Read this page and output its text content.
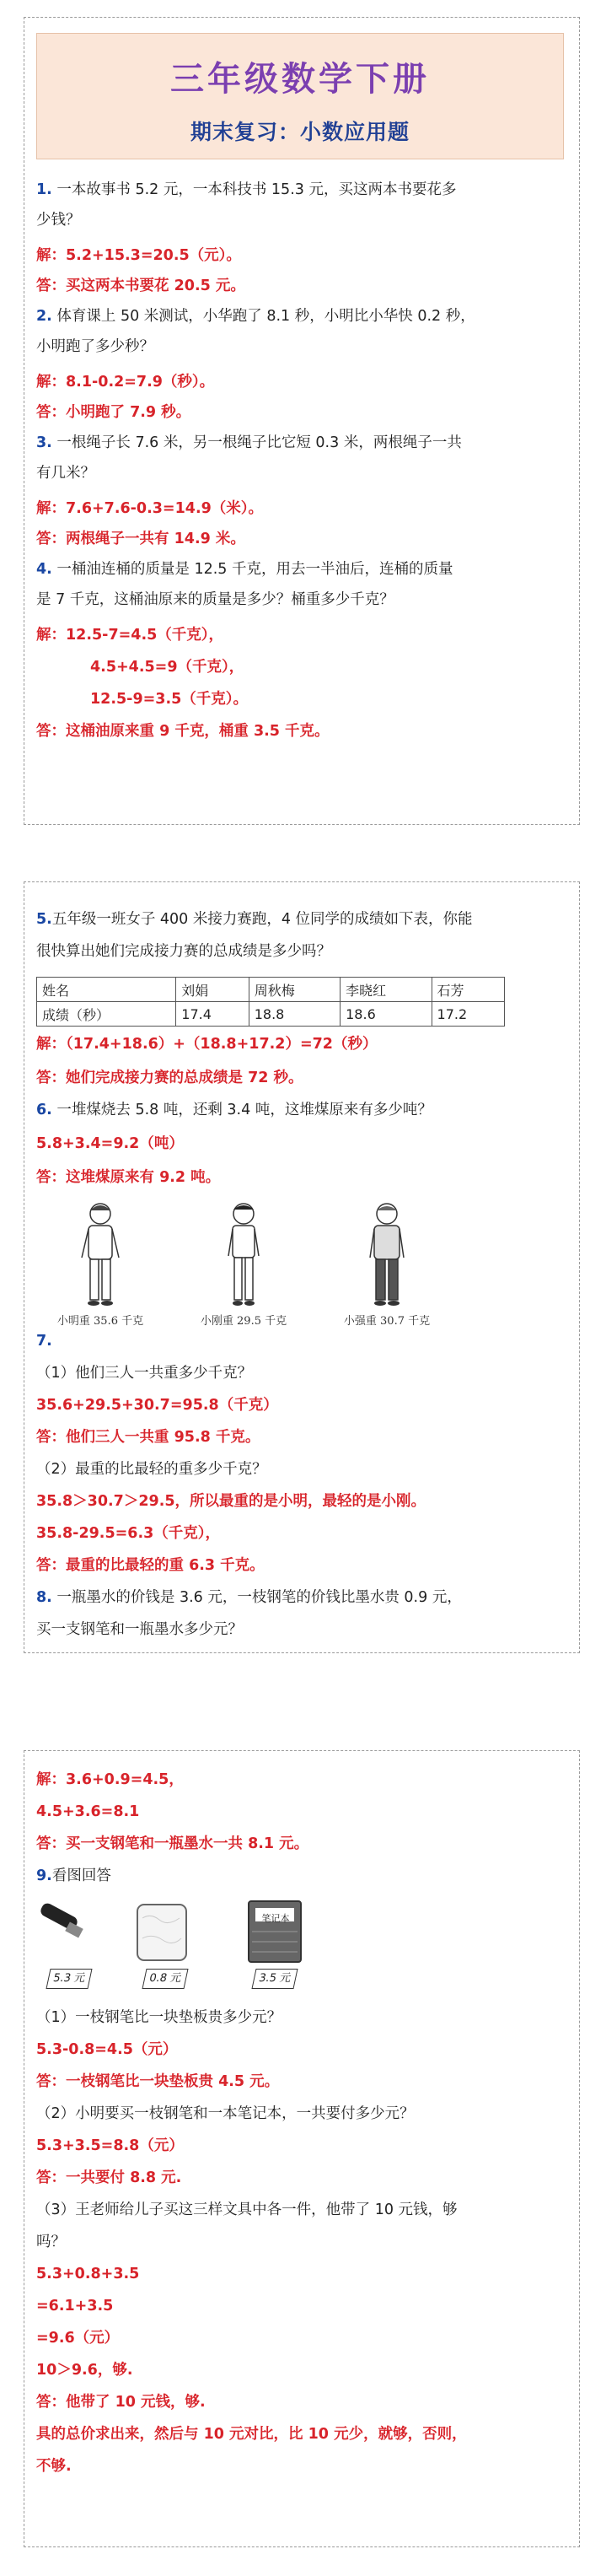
三年级数学下册
期末复习：小数应用题
1. 一本故事书 5.2 元，一本科技书 15.3 元，买这两本书要花多
少钱？
解：5.2+15.3=20.5（元）。
答：买这两本书要花 20.5 元。
2. 体育课上 50 米测试，小华跑了 8.1 秒，小明比小华快 0.2 秒，
小明跑了多少秒？
解：8.1-0.2=7.9（秒）。
答：小明跑了 7.9 秒。
3. 一根绳子长 7.6 米，另一根绳子比它短 0.3 米，两根绳子一共
有几米？
解：7.6+7.6-0.3=14.9（米）。
答：两根绳子一共有 14.9 米。
4. 一桶油连桶的质量是 12.5 千克，用去一半油后，连桶的质量
是 7 千克，这桶油原来的质量是多少？桶重多少千克？
解：12.5-7=4.5（千克），
4.5+4.5=9（千克），
12.5-9=3.5（千克）。
答：这桶油原来重 9 千克，桶重 3.5 千克。
5.五年级一班女子 400 米接力赛跑，4 位同学的成绩如下表，你能
很快算出她们完成接力赛的总成绩是多少吗？
姓名	刘娟	周秋梅	李晓红	石芳
成绩（秒）	17.4	18.8	18.6	17.2
解：（17.4+18.6）+（18.8+17.2）=72（秒）
答：她们完成接力赛的总成绩是 72 秒。
6. 一堆煤烧去 5.8 吨，还剩 3.4 吨，这堆煤原来有多少吨？
5.8+3.4=9.2（吨）
答：这堆煤原来有 9.2 吨。
小明重 35.6 千克	小刚重 29.5 千克	小强重 30.7 千克
7.
（1）他们三人一共重多少千克？
35.6+29.5+30.7=95.8（千克）
答：他们三人一共重 95.8 千克。
（2）最重的比最轻的重多少千克？
35.8＞30.7＞29.5，所以最重的是小明，最轻的是小刚。
35.8-29.5=6.3（千克），
答：最重的比最轻的重 6.3 千克。
8. 一瓶墨水的价钱是 3.6 元，一枝钢笔的价钱比墨水贵 0.9 元，
买一支钢笔和一瓶墨水多少元？
解：3.6+0.9=4.5，
4.5+3.6=8.1
答：买一支钢笔和一瓶墨水一共 8.1 元。
9.看图回答
5.3 元	0.8 元
笔记本
3.5 元
（1）一枝钢笔比一块垫板贵多少元？
5.3-0.8=4.5（元）
答：一枝钢笔比一块垫板贵 4.5 元。
（2）小明要买一枝钢笔和一本笔记本，一共要付多少元？
5.3+3.5=8.8（元）
答：一共要付 8.8 元.
（3）王老师给儿子买这三样文具中各一件，他带了 10 元钱，够
吗？
5.3+0.8+3.5
=6.1+3.5
=9.6（元）
10＞9.6，够.
答：他带了 10 元钱，够.
具的总价求出来，然后与 10 元对比，比 10 元少，就够，否则，
不够.
